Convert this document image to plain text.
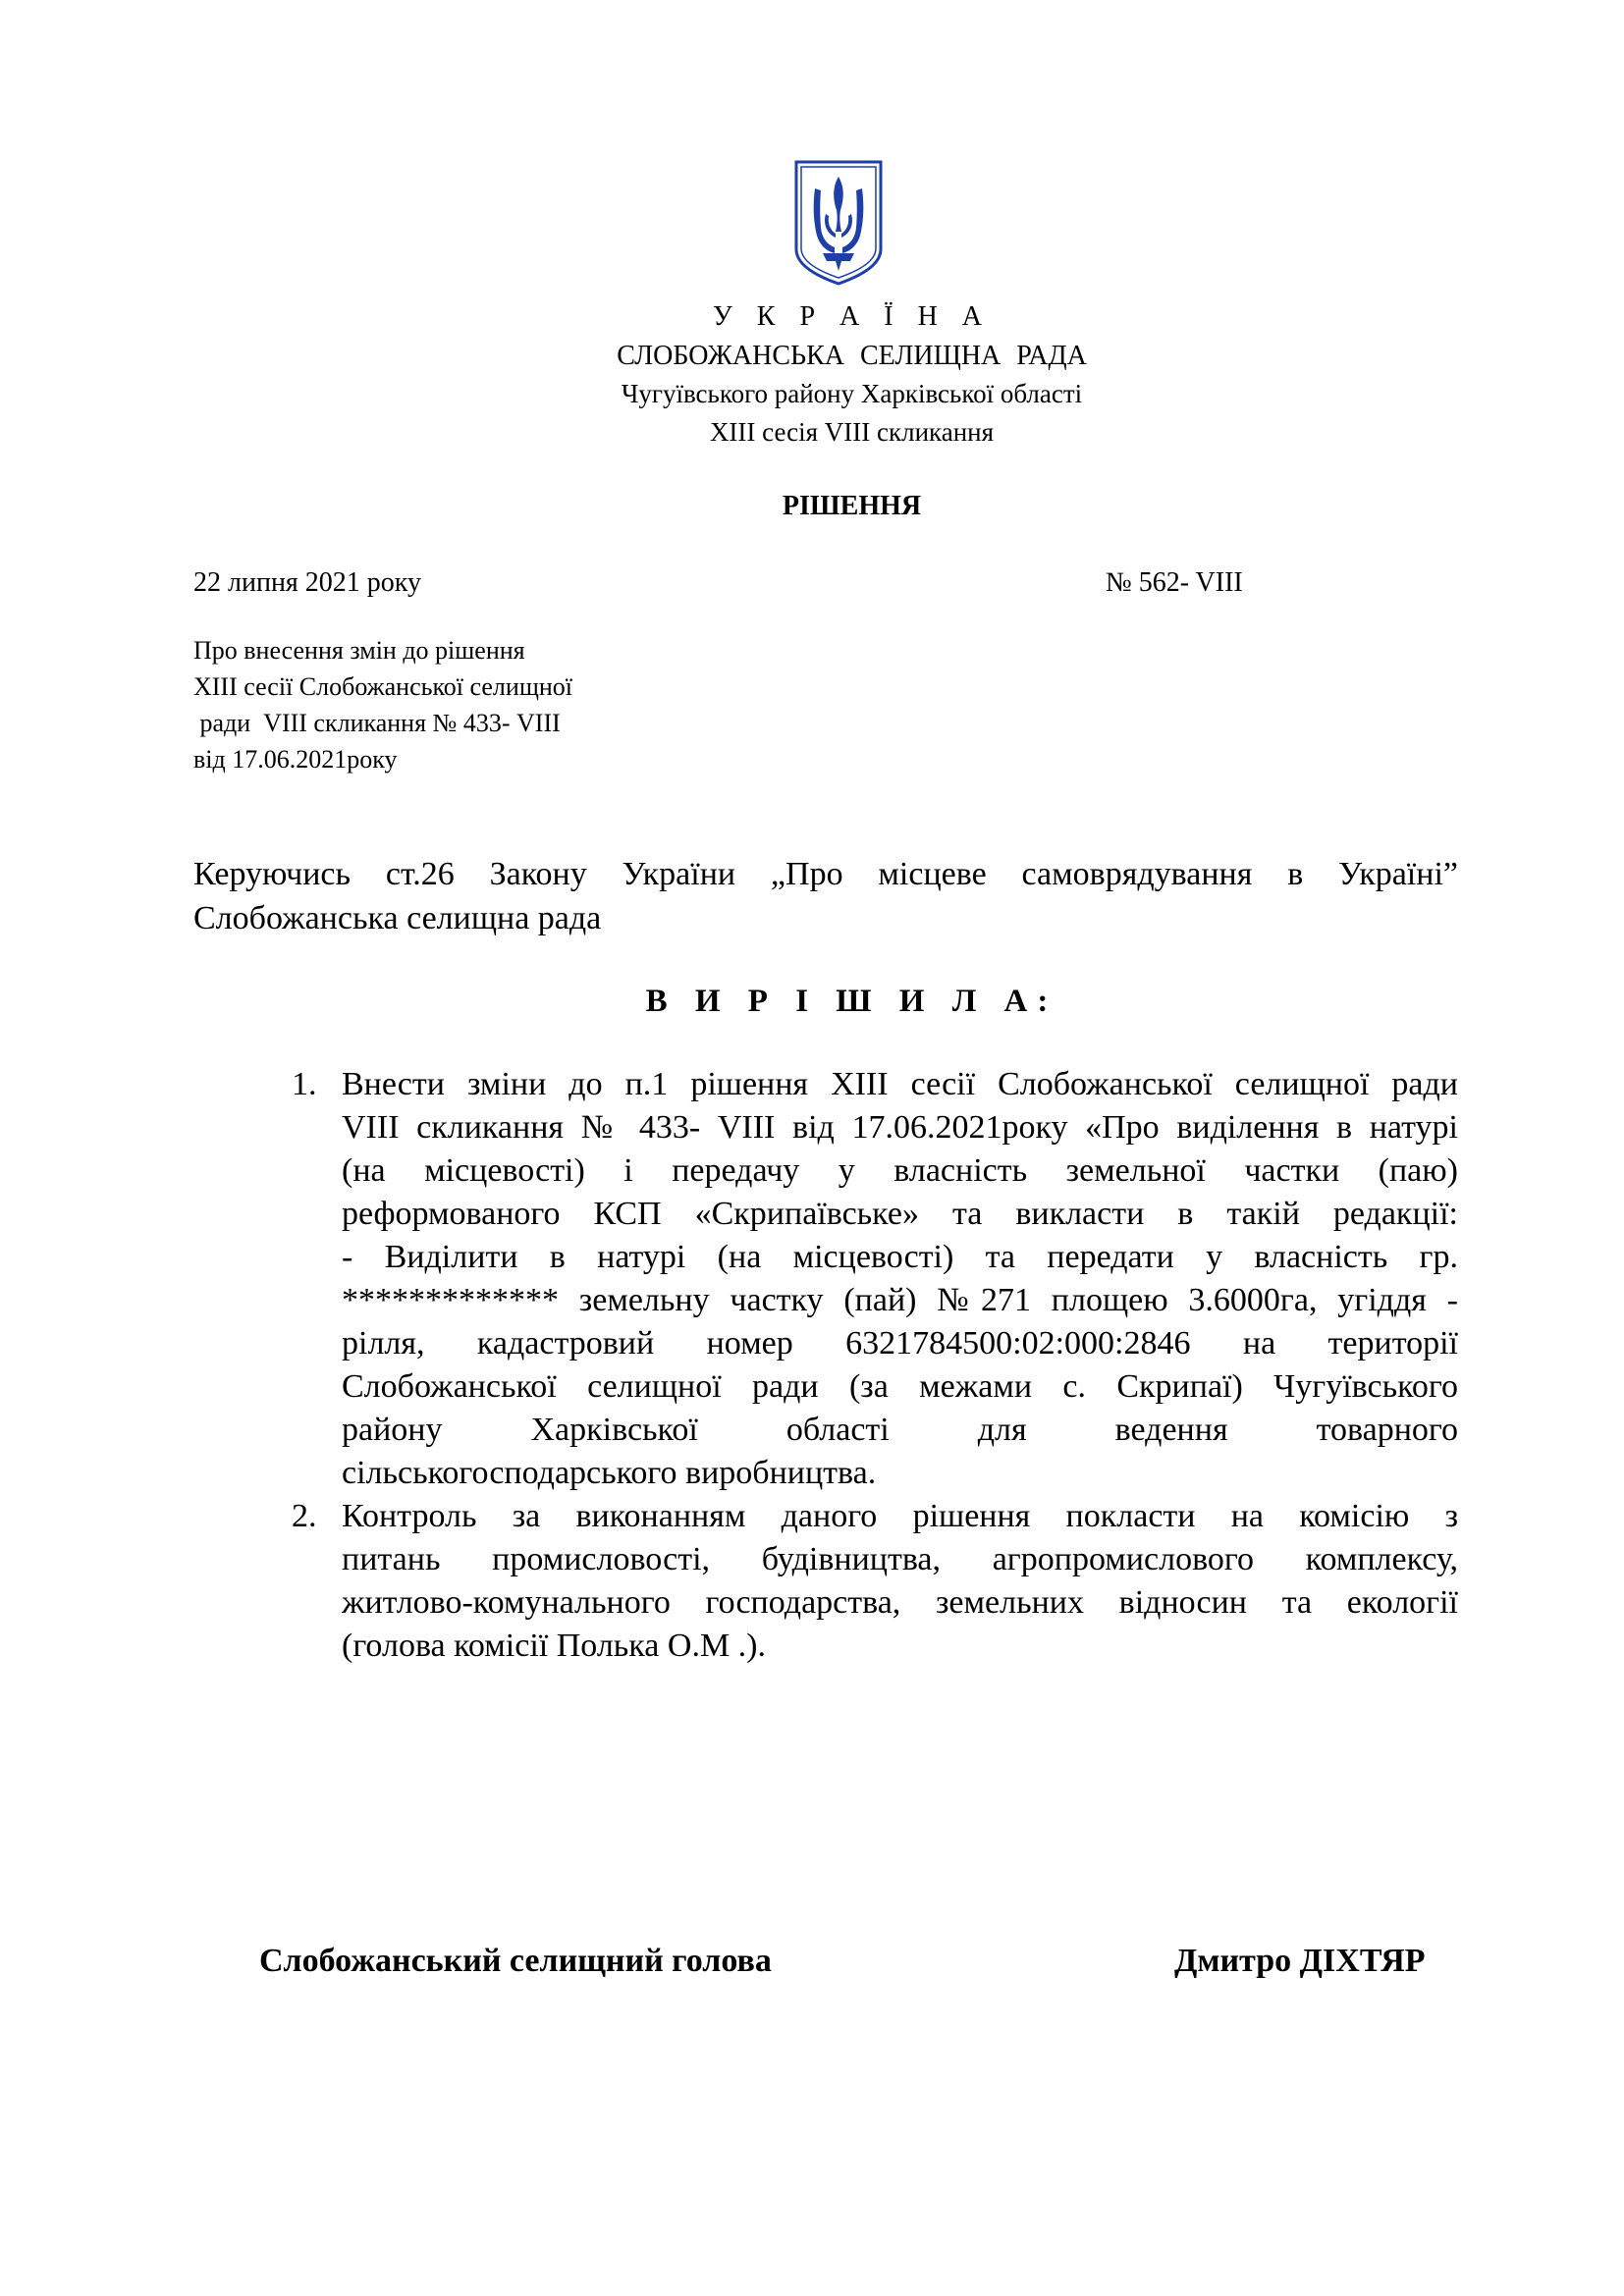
У К Р А Ї Н А
СЛОБОЖАНСЬКА СЕЛИЩНА РАДА
Чугуївського району Харківської області
XIII сесія VIII скликання
РІШЕННЯ
22 липня 2021 року	№ 562- VIII
Про внесення змін до рішення
XIII сесії Слобожанської селищної
ради  VIII скликання № 433- VIII
від 17.06.2021року
Керуючись ст.26 Закону України „Про місцеве самоврядування в Україні”
Слобожанська селищна рада
В И Р І Ш И Л А:
1. Внести зміни до п.1 рішення XIII сесії Слобожанської селищної ради
VIII скликання № 433- VIII від 17.06.2021року «Про виділення в натурі
(на місцевості) і передачу у власність земельної частки (паю)
реформованого КСП «Скрипаївське» та викласти в такій редакції:
- Виділити в натурі (на місцевості) та передати у власність гр.
************* земельну частку (пай) №271 площею 3.6000га, угіддя -
рілля, кадастровий номер 6321784500:02:000:2846 на території
Слобожанської селищної ради (за межами с. Скрипаї) Чугуївського
району Харківської області для ведення товарного
сільськогосподарського виробництва.
2. Контроль за виконанням даного рішення покласти на комісію з
питань промисловості, будівництва, агропромислового комплексу,
житлово-комунального господарства, земельних відносин та екології
(голова комісії Полька О.М .).
Слобожанський селищний голова	Дмитро ДІХТЯР
